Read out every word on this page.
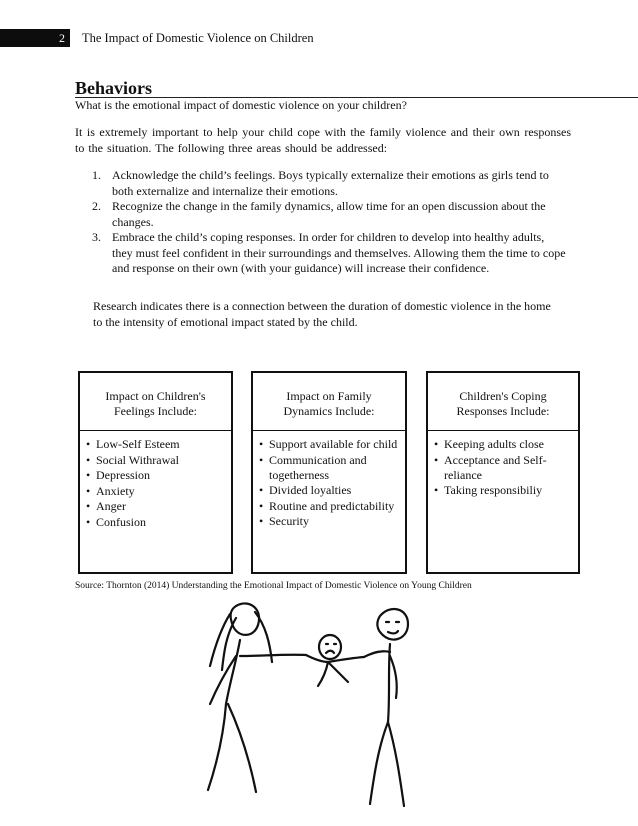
2	The Impact of Domestic Violence on Children
Behaviors

What is the emotional impact of domestic violence on your children?

It is extremely important to help your child cope with the family violence and their own responses to the situation. The following three areas should be addressed:

1. Acknowledge the child’s feelings. Boys typically externalize their emotions as girls tend to both externalize and internalize their emotions.
2. Recognize the change in the family dynamics, allow time for an open discussion about the changes.
3. Embrace the child’s coping responses. In order for children to develop into healthy adults, they must feel confident in their surroundings and themselves. Allowing them the time to cope and response on their own (with your guidance) will increase their confidence.

Research indicates there is a connection between the duration of domestic violence in the home to the intensity of emotional impact stated by the child.

Impact on Children's
Feelings Include:
• Low-Self Esteem
• Social Withrawal
• Depression
• Anxiety
• Anger
• Confusion
Impact on Family
Dynamics Include:
• Support available for child
• Communication and togetherness
• Divided loyalties
• Routine and predictability
• Security
Children's Coping
Responses Include:
• Keeping adults close
• Acceptance and Self-reliance
• Taking responsibiliy

Source: Thornton (2014) Understanding the Emotional Impact of Domestic Violence on Young Children
